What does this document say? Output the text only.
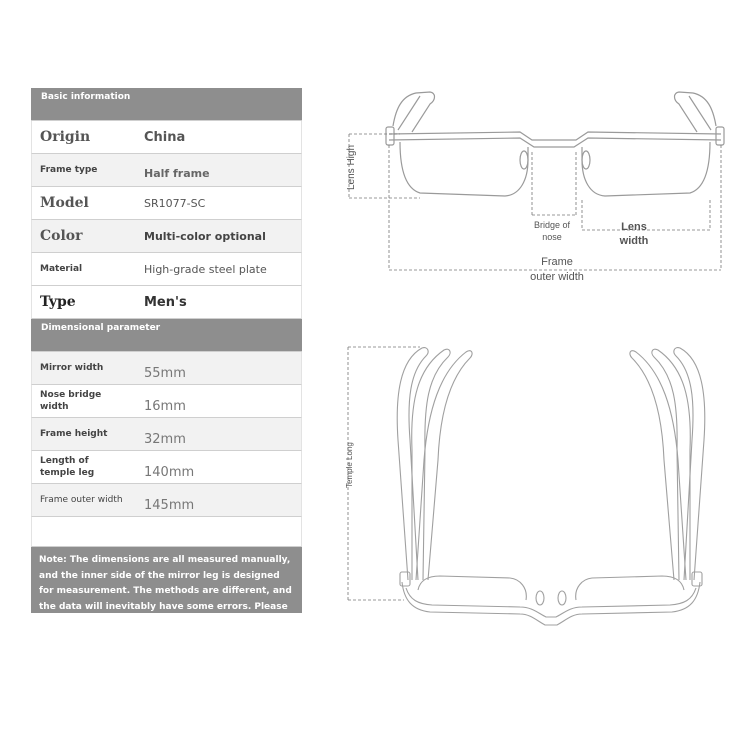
Basic information
Origin	China
Frame type	Half frame
Model	SR1077-SC
Color	Multi-color optional
Material	High-grade steel plate
Type	Men's
Dimensional parameter
Mirror width	55mm
Nose bridge width	16mm
Frame height	32mm
Length of temple leg	140mm
Frame outer width	145mm
Note: The dimensions are all measured manually, and the inner side of the mirror leg is designed for measurement. The methods are different, and the data will inevitably have some errors. Please refer to the manual
Lens High
Bridge of
nose
Lens
width
Frame
outer width
Temple Long
